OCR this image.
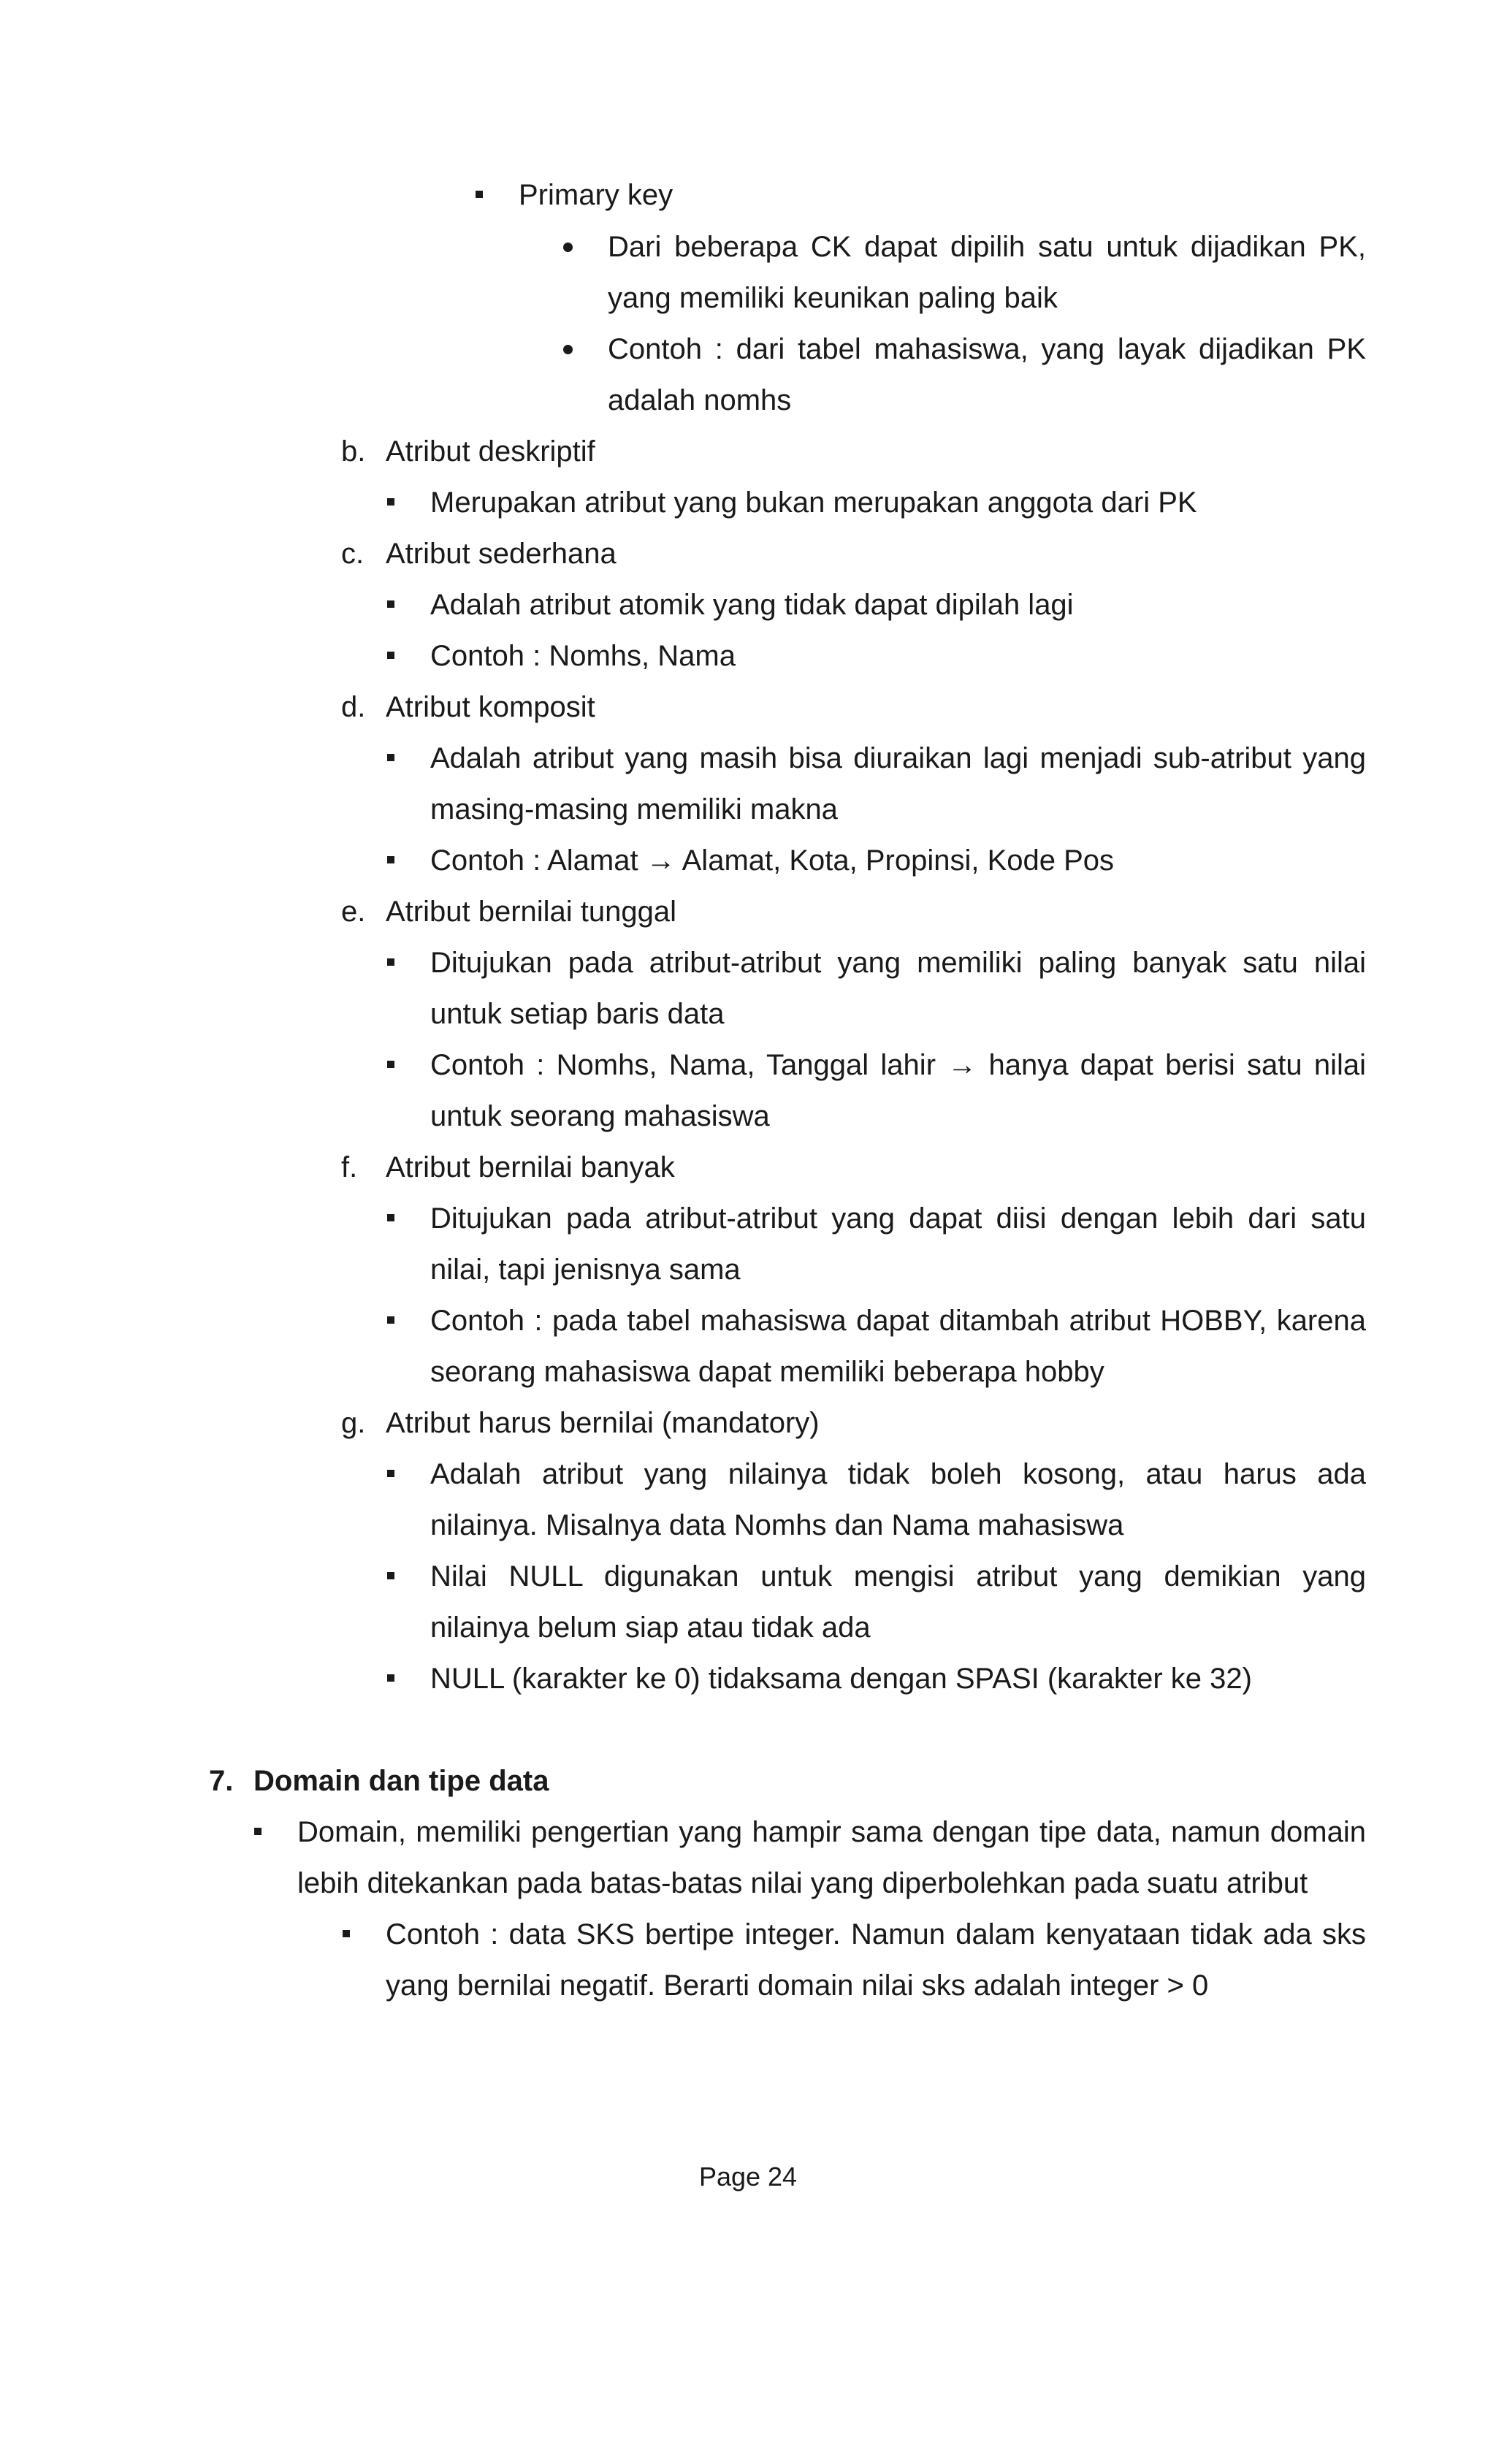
Primary key
Dari beberapa CK dapat dipilih satu untuk dijadikan PK,
yang memiliki keunikan paling baik
Contoh : dari tabel mahasiswa, yang layak dijadikan PK
adalah nomhs
b. Atribut deskriptif
Merupakan atribut yang bukan merupakan anggota dari PK
c. Atribut sederhana
Adalah atribut atomik yang tidak dapat dipilah lagi
Contoh : Nomhs, Nama
d. Atribut komposit
Adalah atribut yang masih bisa diuraikan lagi menjadi sub-atribut yang
masing-masing memiliki makna
Contoh : Alamat → Alamat, Kota, Propinsi, Kode Pos
e. Atribut bernilai tunggal
Ditujukan pada atribut-atribut yang memiliki paling banyak satu nilai
untuk setiap baris data
Contoh : Nomhs, Nama, Tanggal lahir → hanya dapat berisi satu nilai
untuk seorang mahasiswa
f. Atribut bernilai banyak
Ditujukan pada atribut-atribut yang dapat diisi dengan lebih dari satu
nilai, tapi jenisnya sama
Contoh : pada tabel mahasiswa dapat ditambah atribut HOBBY, karena
seorang mahasiswa dapat memiliki beberapa hobby
g. Atribut harus bernilai (mandatory)
Adalah atribut yang nilainya tidak boleh kosong, atau harus ada
nilainya. Misalnya data Nomhs dan Nama mahasiswa
Nilai NULL digunakan untuk mengisi atribut yang demikian yang
nilainya belum siap atau tidak ada
NULL (karakter ke 0) tidaksama dengan SPASI (karakter ke 32)
7. Domain dan tipe data
Domain, memiliki pengertian yang hampir sama dengan tipe data, namun domain
lebih ditekankan pada batas-batas nilai yang diperbolehkan pada suatu atribut
Contoh : data SKS bertipe integer. Namun dalam kenyataan tidak ada sks
yang bernilai negatif. Berarti domain nilai sks adalah integer > 0
Page 24
